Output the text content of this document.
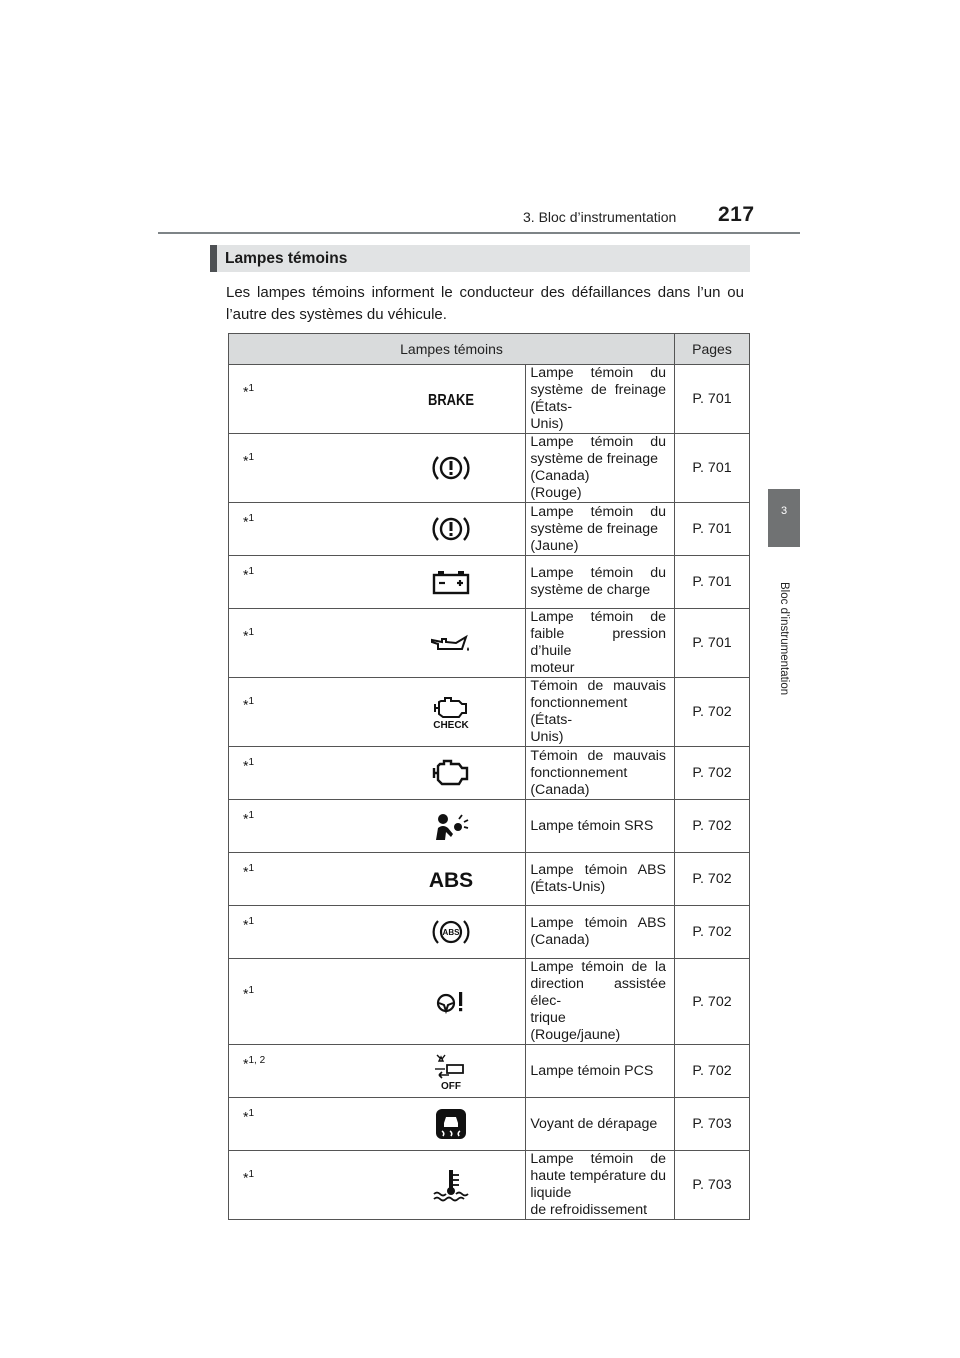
3. Bloc d’instrumentation 217
3
Bloc d’instrumentation
Lampes témoins
Les lampes témoins informent le conducteur des défaillances dans l’un ou l’autre des systèmes du véhicule.
Lampes témoins			Pages
*$^1$	BRAKE	Lampe témoin du système de freinage (États-
Unis)	P. 701
*$^1$		Lampe témoin du système de freinage
(Canada)
(Rouge)	P. 701
*$^1$		Lampe témoin du système de freinage
(Jaune)	P. 701
*$^1$		Lampe témoin du système de charge	P. 701
*$^1$		Lampe témoin de faible pression d’huile
moteur	P. 701
*$^1$	CHECK	Témoin de mauvais fonctionnement (États-
Unis)	P. 702
*$^1$		Témoin de mauvais fonctionnement (Canada)	P. 702
*$^1$		Lampe témoin SRS	P. 702
*$^1$	ABS	Lampe témoin ABS (États-Unis)	P. 702
*$^1$	ABS	Lampe témoin ABS (Canada)	P. 702
*$^1$		Lampe témoin de la direction assistée élec-
trique
(Rouge/jaune)	P. 702
*$^{1, 2}$	OFF	Lampe témoin PCS	P. 702
*$^1$		Voyant de dérapage	P. 703
*$^1$		Lampe témoin de haute température du liquide
de refroidissement	P. 703
